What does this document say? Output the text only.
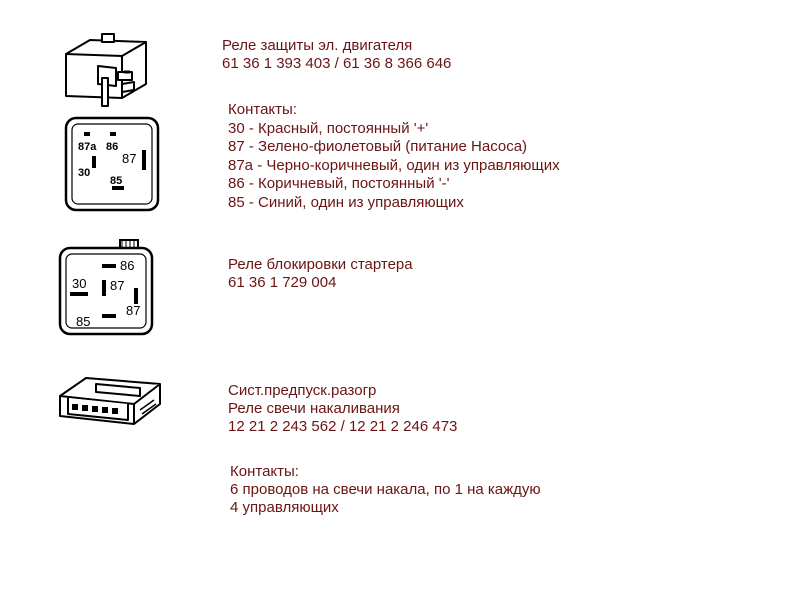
87a 86
87
30
85
Реле защиты эл. двигателя
61 36 1 393 403 / 61 36 8 366 646
Контакты:
30 - Красный, постоянный '+'
87 - Зелено-фиолетовый (питание Насоса)
87a - Черно-коричневый, один из управляющих
86 - Коричневый, постоянный '-'
85 - Синий, один из управляющих
86
30 87
87
85
Реле блокировки стартера
61 36 1 729 004
Сист.предпуск.разогр
Реле свечи накаливания
12 21 2 243 562 / 12 21 2 246 473
Контакты:
6 проводов на свечи накала, по 1 на каждую
4 управляющих
